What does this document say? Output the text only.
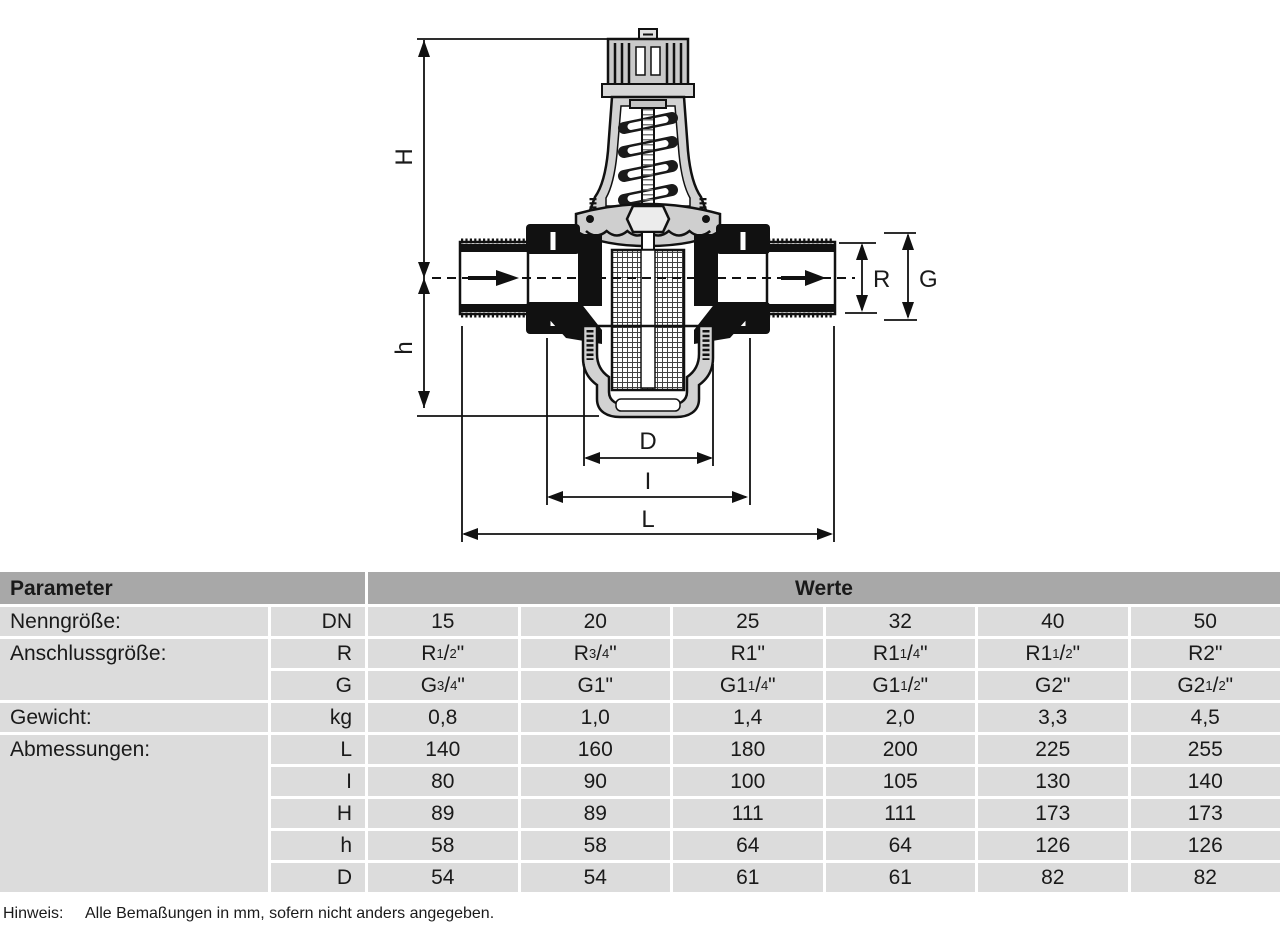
H
h
R G
D
I
L
Parameter	Werte
Nenngröße:	DN	15	20	25	32	40	50
Anschlussgröße:	R	R 1 / 2 "	R 3 / 4 "	R1"	R1 1 / 4 "	R1 1 / 2 "	R2"
G	G 3 / 4 "	G1"	G1 1 / 4 "	G1 1 / 2 "	G2"	G2 1 / 2 "
Gewicht:	kg	0,8	1,0	1,4	2,0	3,3	4,5
Abmessungen:	L	140	160	180	200	225	255
I	80	90	100	105	130	140
H	89	89	111	111	173	173
h	58	58	64	64	126	126
D	54	54	61	61	82	82
Hinweis:	Alle Bemaßungen in mm, sofern nicht anders angegeben.
